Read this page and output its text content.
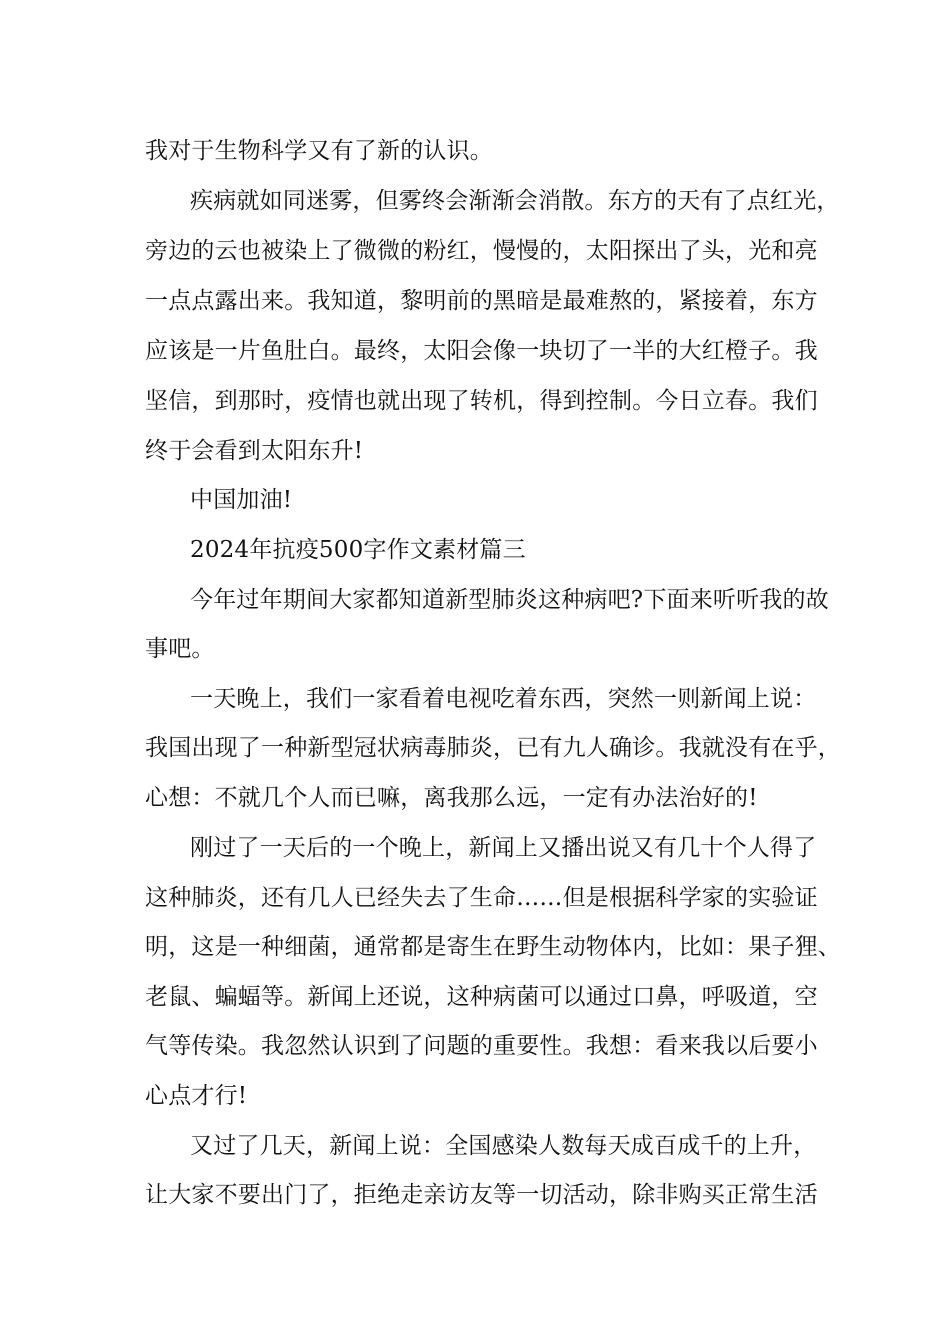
我对于生物科学又有了新的认识。
疾病就如同迷雾，但雾终会渐渐会消散。东方的天有了点红光，
旁边的云也被染上了微微的粉红，慢慢的，太阳探出了头，光和亮
一点点露出来。我知道，黎明前的黑暗是最难熬的，紧接着，东方
应该是一片鱼肚白。最终，太阳会像一块切了一半的大红橙子。我
坚信，到那时，疫情也就出现了转机，得到控制。今日立春。我们
终于会看到太阳东升!
中国加油!
2024年抗疫500字作文素材篇三
今年过年期间大家都知道新型肺炎这种病吧?下面来听听我的故
事吧。
一天晚上，我们一家看着电视吃着东西，突然一则新闻上说：
我国出现了一种新型冠状病毒肺炎，已有九人确诊。我就没有在乎，
心想：不就几个人而已嘛，离我那么远，一定有办法治好的!
刚过了一天后的一个晚上，新闻上又播出说又有几十个人得了
这种肺炎，还有几人已经失去了生命……但是根据科学家的实验证
明，这是一种细菌，通常都是寄生在野生动物体内，比如：果子狸、
老鼠、蝙蝠等。新闻上还说，这种病菌可以通过口鼻，呼吸道，空
气等传染。我忽然认识到了问题的重要性。我想：看来我以后要小
心点才行!
又过了几天，新闻上说：全国感染人数每天成百成千的上升，
让大家不要出门了，拒绝走亲访友等一切活动，除非购买正常生活
